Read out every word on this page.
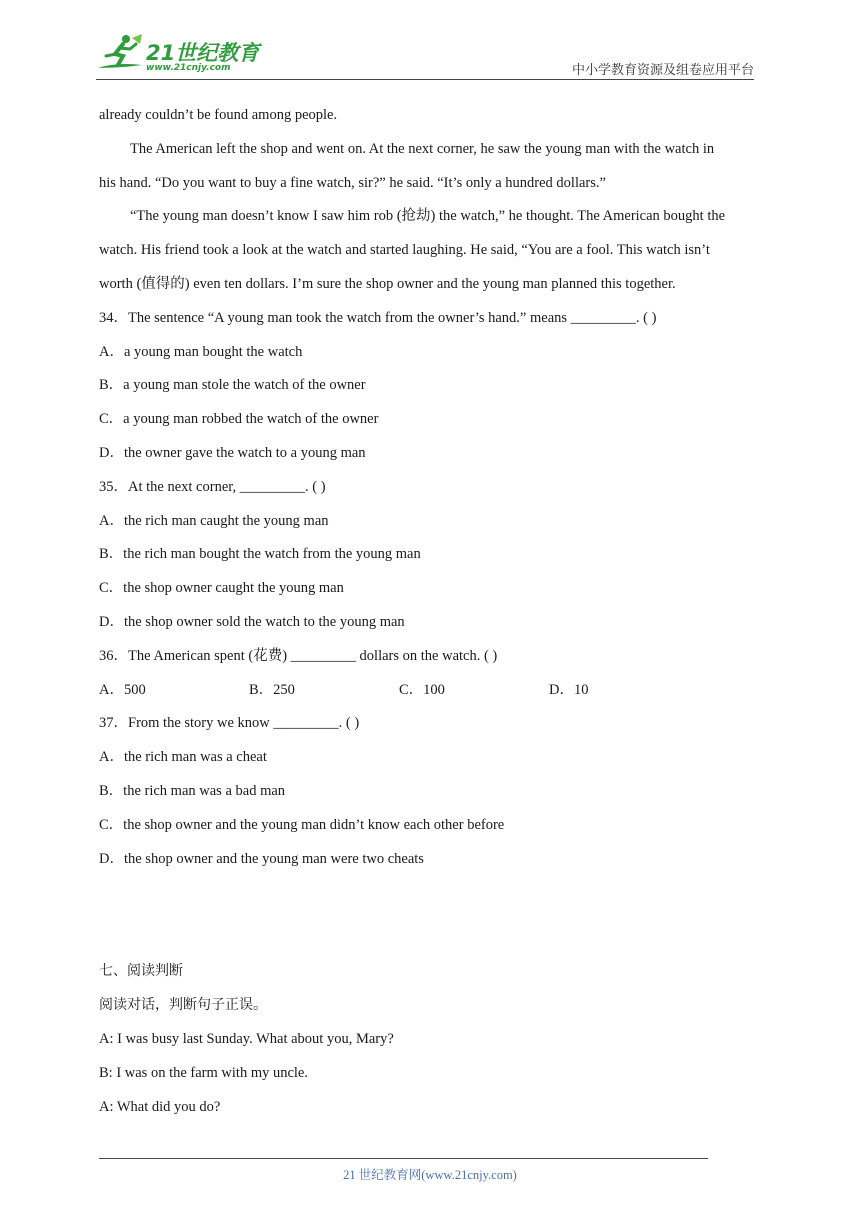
21世纪教育
www.21cnjy.com	中小学教育资源及组卷应用平台
already couldn’t be found among people.
The American left the shop and went on. At the next corner, he saw the young man with the watch in
his hand. “Do you want to buy a fine watch, sir?” he said. “It’s only a hundred dollars.”
“The young man doesn’t know I saw him rob (抢劫) the watch,” he thought. The American bought the
watch. His friend took a look at the watch and started laughing. He said, “You are a fool. This watch isn’t
worth (值得的) even ten dollars. I’m sure the shop owner and the young man planned this together.
34．The sentence “A young man took the watch from the owner’s hand.” means _________. ( )
A．a young man bought the watch
B．a young man stole the watch of the owner
C．a young man robbed the watch of the owner
D．the owner gave the watch to a young man
35．At the next corner, _________. ( )
A．the rich man caught the young man
B．the rich man bought the watch from the young man
C．the shop owner caught the young man
D．the shop owner sold the watch to the young man
36．The American spent (花费) _________ dollars on the watch. ( )
A．500	B．250	C．100	D．10
37．From the story we know _________. ( )
A．the rich man was a cheat
B．the rich man was a bad man
C．the shop owner and the young man didn’t know each other before
D．the shop owner and the young man were two cheats
七、阅读判断
阅读对话，判断句子正误。
A: I was busy last Sunday. What about you, Mary?
B: I was on the farm with my uncle.
A: What did you do?
21 世纪教育网(www.21cnjy.com)
